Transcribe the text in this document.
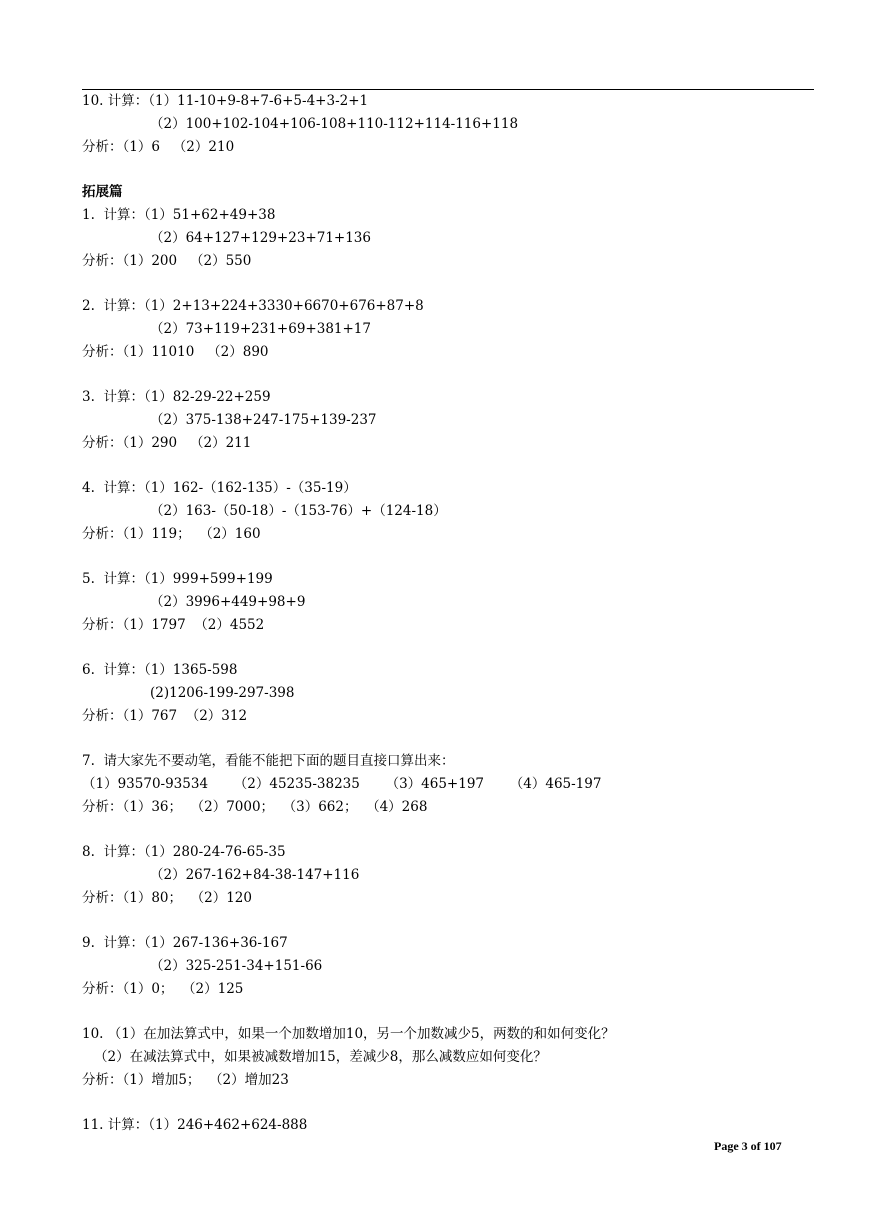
10. 计算：（1）11-10+9-8+7-6+5-4+3-2+1
（2）100+102-104+106-108+110-112+114-116+118
分析：（1）6   （2）210
拓展篇
1.  计算：（1）51+62+49+38
（2）64+127+129+23+71+136
分析：（1）200   （2）550
2.  计算：（1）2+13+224+3330+6670+676+87+8
（2）73+119+231+69+381+17
分析：（1）11010   （2）890
3.  计算：（1）82-29-22+259
（2）375-138+247-175+139-237
分析：（1）290   （2）211
4.  计算：（1）162-（162-135）-（35-19）
（2）163-（50-18）-（153-76）+（124-18）
分析：（1）119；  （2）160
5.  计算：（1）999+599+199
（2）3996+449+98+9
分析：（1）1797  （2）4552
6.  计算：（1）1365-598
(2)1206-199-297-398
分析：（1）767  （2）312
7.  请大家先不要动笔，看能不能把下面的题目直接口算出来：
（1）93570-93534      （2）45235-38235      （3）465+197      （4）465-197
分析：（1）36；  （2）7000；  （3）662；  （4）268
8.  计算：（1）280-24-76-65-35
（2）267-162+84-38-147+116
分析：（1）80；  （2）120
9.  计算：（1）267-136+36-167
（2）325-251-34+151-66
分析：（1）0；  （2）125
10. （1）在加法算式中，如果一个加数增加10，另一个加数减少5，两数的和如何变化？
（2）在减法算式中，如果被减数增加15，差减少8，那么减数应如何变化？
分析：（1）增加5；  （2）增加23
11. 计算：（1）246+462+624-888
Page 3 of 107
